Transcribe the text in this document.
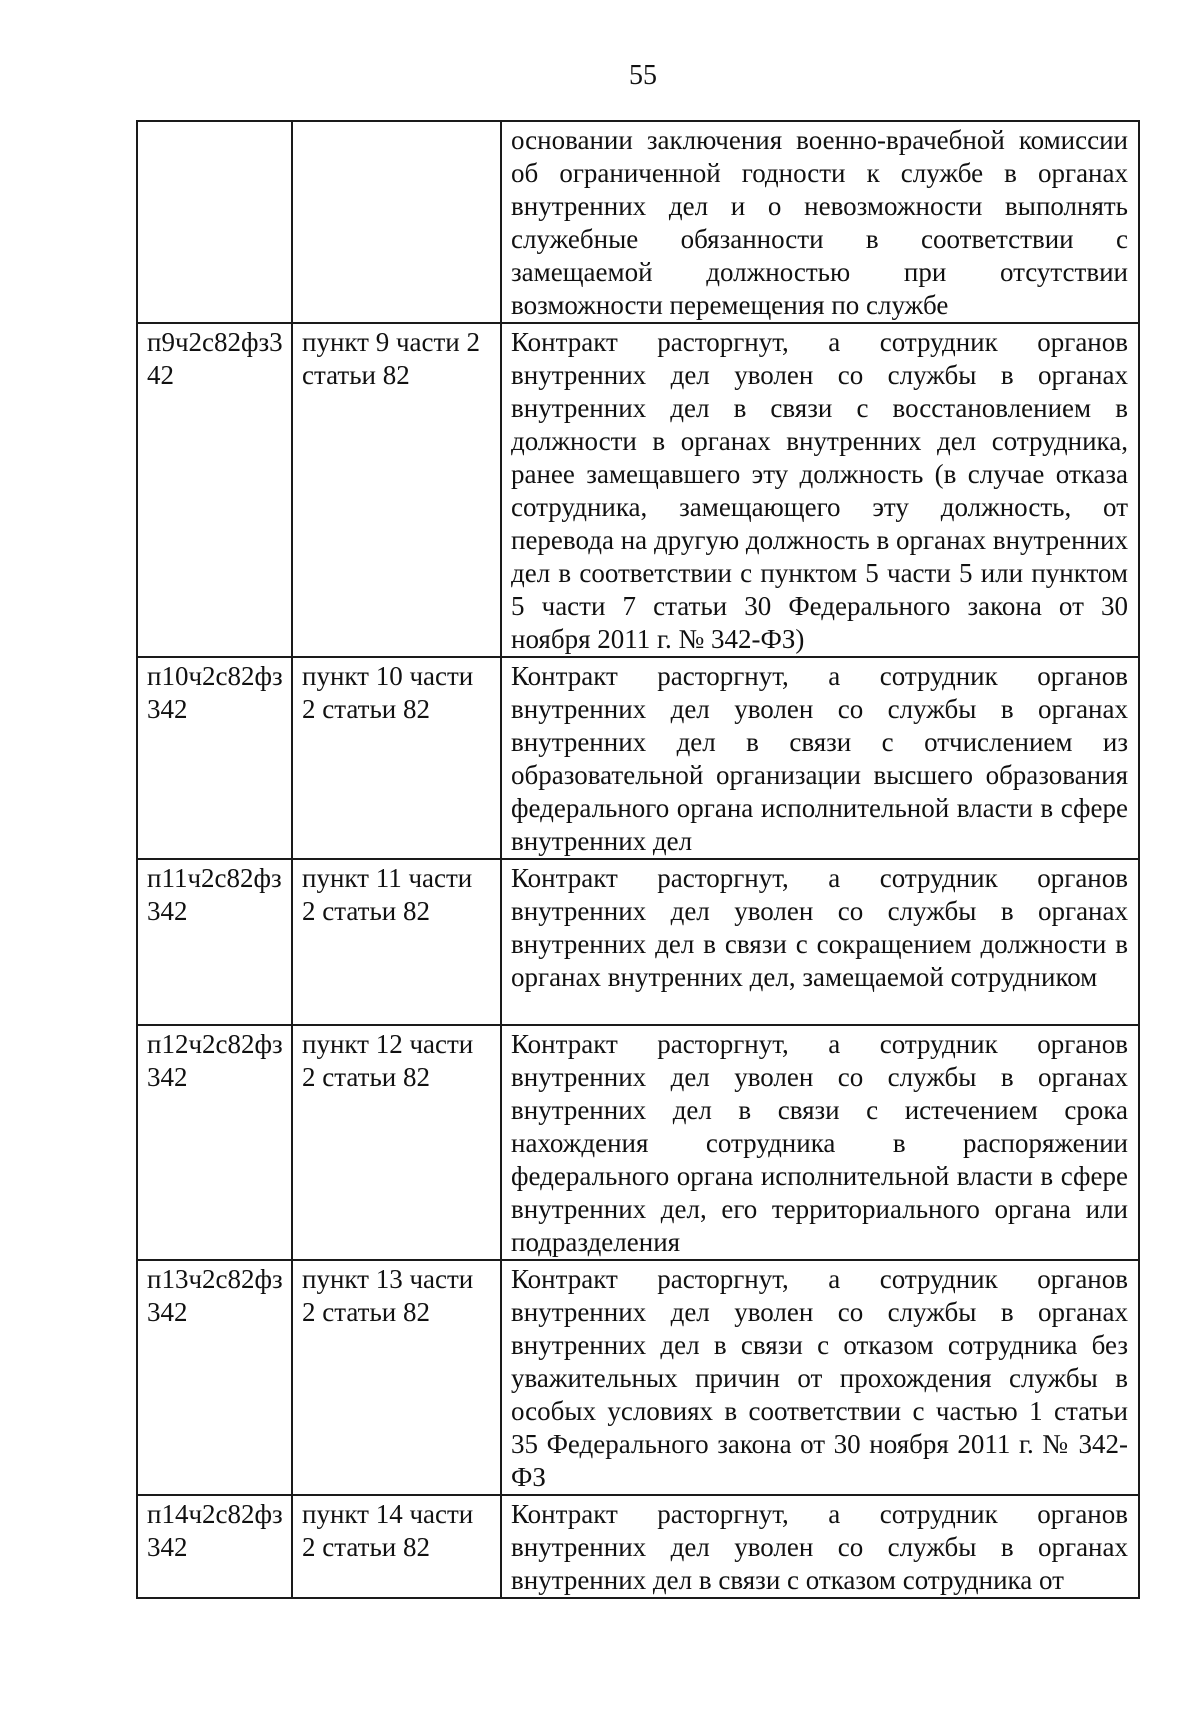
55
		основании заключения военно-врачебной комиссии об ограниченной годности к службе в органах внутренних дел и о невозможности выполнять служебные обязанности в соответствии с замещаемой должностью при отсутствии возможности перемещения по службе
п9ч2с82фз342	пункт 9 части 2 статьи 82	Контракт расторгнут, а сотрудник органов внутренних дел уволен со службы в органах внутренних дел в связи с восстановлением в должности в органах внутренних дел сотрудника, ранее замещавшего эту должность (в случае отказа сотрудника, замещающего эту должность, от перевода на другую должность в органах внутренних дел в соответствии с пунктом 5 части 5 или пунктом 5 части 7 статьи 30 Федерального закона от 30 ноября 2011 г. № 342-ФЗ)
п10ч2с82фз342	пункт 10 части 2 статьи 82	Контракт расторгнут, а сотрудник органов внутренних дел уволен со службы в органах внутренних дел в связи с отчислением из образовательной организации высшего образования федерального органа исполнительной власти в сфере внутренних дел
п11ч2с82фз342	пункт 11 части 2 статьи 82	Контракт расторгнут, а сотрудник органов внутренних дел уволен со службы в органах внутренних дел в связи с сокращением должности в органах внутренних дел, замещаемой сотрудником
п12ч2с82фз342	пункт 12 части 2 статьи 82	Контракт расторгнут, а сотрудник органов внутренних дел уволен со службы в органах внутренних дел в связи с истечением срока нахождения сотрудника в распоряжении федерального органа исполнительной власти в сфере внутренних дел, его территориального органа или подразделения
п13ч2с82фз342	пункт 13 части 2 статьи 82	Контракт расторгнут, а сотрудник органов внутренних дел уволен со службы в органах внутренних дел в связи с отказом сотрудника без уважительных причин от прохождения службы в особых условиях в соответствии с частью 1 статьи 35 Федерального закона от 30 ноября 2011 г. № 342-ФЗ
п14ч2с82фз342	пункт 14 части 2 статьи 82	Контракт расторгнут, а сотрудник органов внутренних дел уволен со службы в органах внутренних дел в связи с отказом сотрудника от
